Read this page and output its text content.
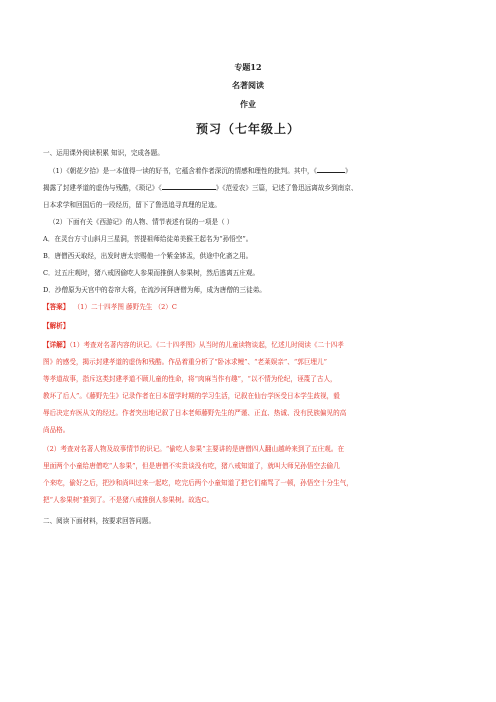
专题12
名著阅读
作业
预习（七年级上）

一、运用课外阅读积累 知识，完成各题。

（1）《朝花夕拾》是一本值得一读的好书，它蕴含着作者深沉的情感和理性的批判。其中，《	》

揭露了封建孝道的虚伪与残酷，《琐记》《	》《范爱农》三篇，记述了鲁迅远离故乡到南京、

日本求学和回国后的一段经历，留下了鲁迅追寻真理的足迹。

（2）下面有关《西游记》的人物、情节表述有误的一项是（ ）

A．在灵台方寸山斜月三星洞，菩提祖师给徒弟美猴王起名为“孙悟空”。

B．唐僧西天取经，出发时唐太宗赐他一个紫金钵盂，供途中化斋之用。

C．过五庄观时，猪八戒因偷吃人参果而推倒人参果树，然后逃离五庄观。

D．沙僧原为天宫中的卷帘大将，在流沙河拜唐僧为师，成为唐僧的三徒弟。

【答案】 （1）二十四孝图 藤野先生 （2）C

【解析】

【详解】（1）考查对名著内容的识记。《二十四孝图》从当时的儿童读物谈起，忆述儿时阅读《二十四孝

图》的感受，揭示封建孝道的虚伪和残酷。作品着重分析了“卧冰求鲤”、“老莱娱亲”、“郭巨埋儿”

等孝道故事，指斥这类封建孝道不顾儿童的性命，将“肉麻当作有趣”，“以不情为伦纪，诬蔑了古人，

教坏了后人”。《藤野先生》记录作者在日本留学时期的学习生活，记叙在仙台学医受日本学生歧视，毅

辱后决定弃医从文的经过。作者突出地记叙了日本老师藤野先生的严谨、正直、热诚、没有民族偏见的高

尚品格。

（2）考查对名著人物及故事情节的识记。“偷吃人参果”主要讲的是唐僧四人翻山越岭来到了五庄观。在

里面两个小童给唐僧吃“人参果”，但是唐僧不实贵谈没有吃，猪八戒知道了，就叫大师兄孙悟空去偷几

个来吃，偷好之后，把沙和尚叫过来一起吃，吃完后两个小童知道了把它们痛骂了一顿，孙悟空十分生气，

把“人参果树”推到了。不是猪八戒推倒人参果树。故选C。

二、阅读下面材料，按要求回答问题。
